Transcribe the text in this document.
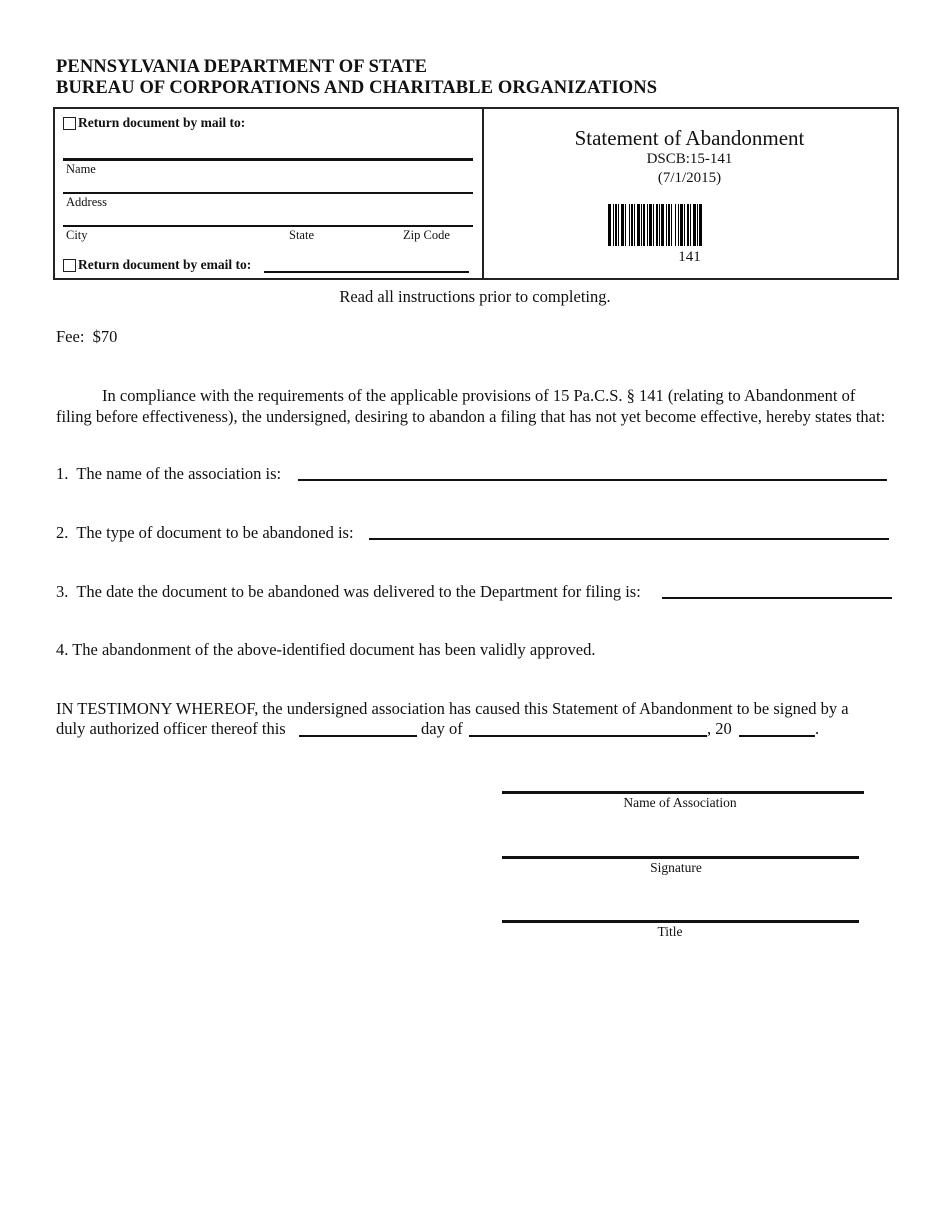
PENNSYLVANIA DEPARTMENT OF STATE
BUREAU OF CORPORATIONS AND CHARITABLE ORGANIZATIONS
Return document by mail to:
Name
Address
City	State	Zip Code
Return document by email to:
Statement of Abandonment
DSCB:15-141
(7/1/2015)
141
Read all instructions prior to completing.
Fee:  $70
In compliance with the requirements of the applicable provisions of 15 Pa.C.S. § 141 (relating to Abandonment of filing before effectiveness), the undersigned, desiring to abandon a filing that has not yet become effective, hereby states that:
1.  The name of the association is:
2.  The type of document to be abandoned is:
3.  The date the document to be abandoned was delivered to the Department for filing is:
4. The abandonment of the above-identified document has been validly approved.
IN TESTIMONY WHEREOF, the undersigned association has caused this Statement of Abandonment to be signed by a
duly authorized officer thereof this	day of	, 20	.
Name of Association
Signature
Title
